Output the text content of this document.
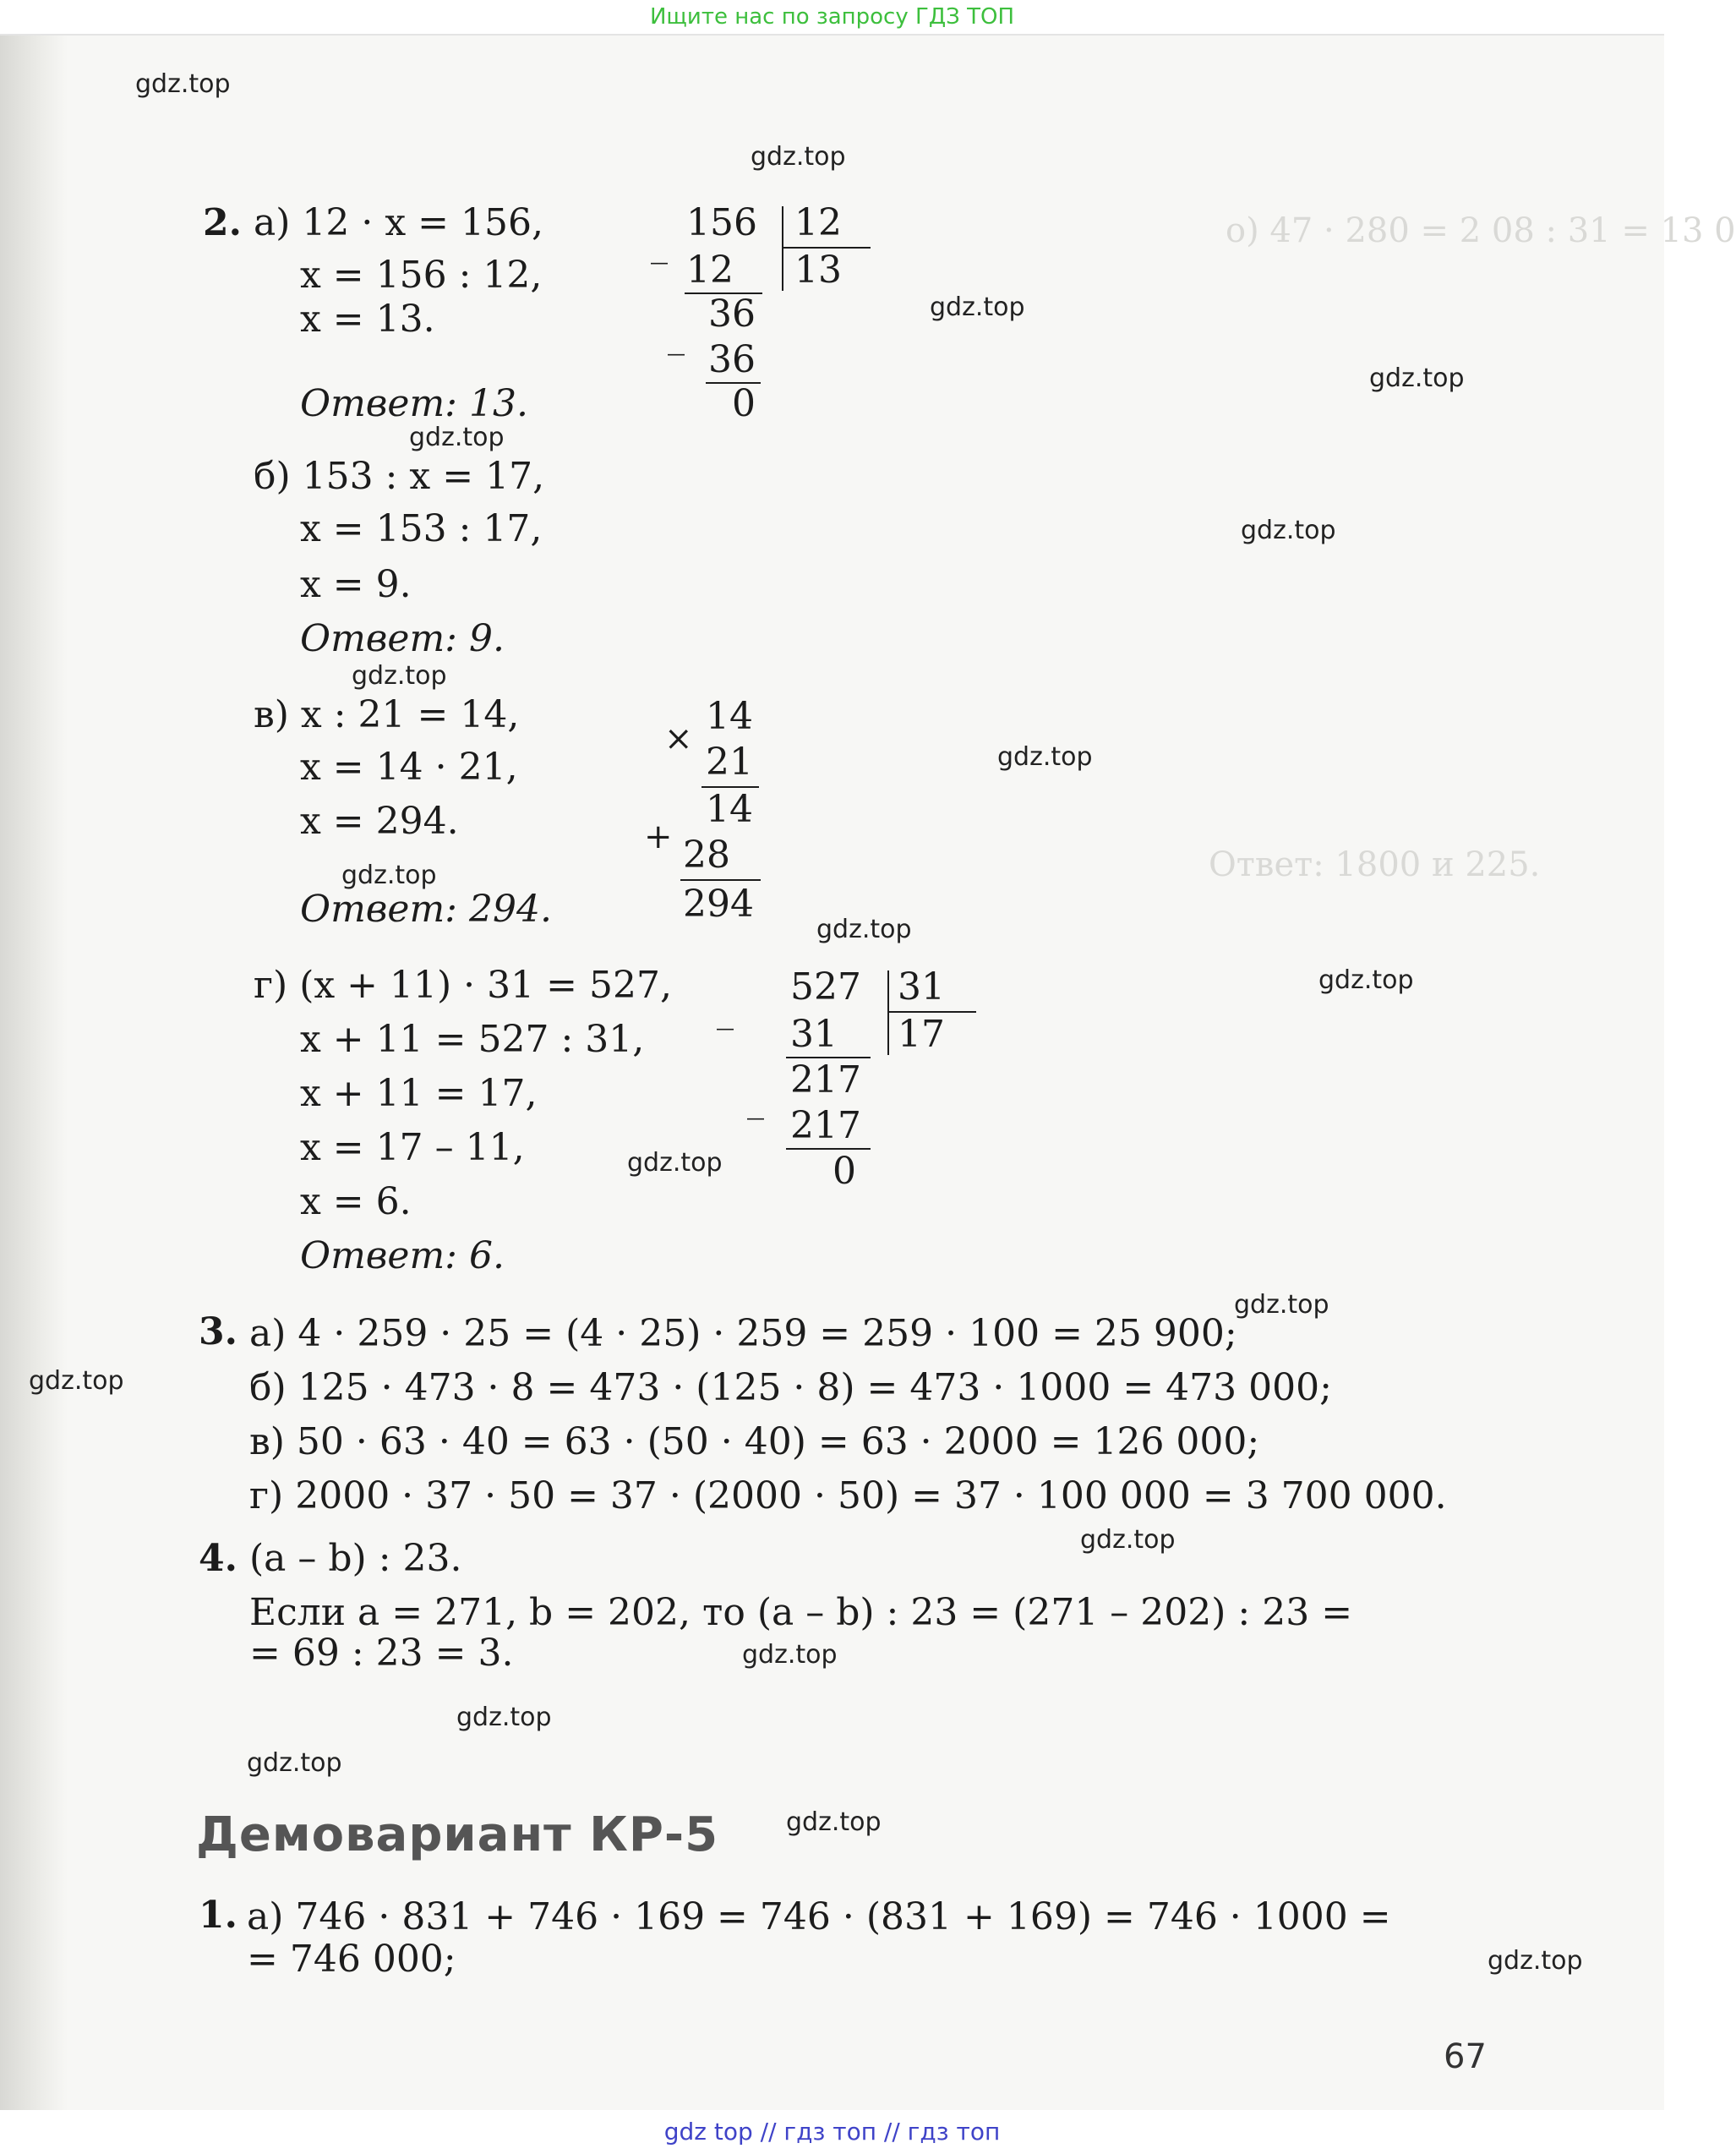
o) 47 · 280 = 2 08 : 31 = 13 0
Ответ: 1800 и 225.
2. а) 12 · x = 156,
x = 156 : 12,
x = 13.
Ответ: 13.
_
156 12
13
12
36
_
36
0
б) 153 : x = 17,
x = 153 : 17,
x = 9.
Ответ: 9.
в) x : 21 = 14,
x = 14 · 21,
x = 294.
Ответ: 294.
×
14
21
14
+ 28
294
г) (x + 11) · 31 = 527,
x + 11 = 527 : 31,
x + 11 = 17,
x = 17 – 11,
x = 6.
Ответ: 6.
_
527 31
17
31
217
_
217
0
3. а) 4 · 259 · 25 = (4 · 25) · 259 = 259 · 100 = 25 900;
б) 125 · 473 · 8 = 473 · (125 · 8) = 473 · 1000 = 473 000;
в) 50 · 63 · 40 = 63 · (50 · 40) = 63 · 2000 = 126 000;
г) 2000 · 37 · 50 = 37 · (2000 · 50) = 37 · 100 000 = 3 700 000.
4. (a – b) : 23.
Если a = 271, b = 202, то (a – b) : 23 = (271 – 202) : 23 =
= 69 : 23 = 3.
Демовариант КР-5
1. а) 746 · 831 + 746 · 169 = 746 · (831 + 169) = 746 · 1000 =
= 746 000;
67
gdz.top
gdz.top
gdz.top
gdz.top
gdz.top
gdz.top
gdz.top
gdz.top
gdz.top
gdz.top
gdz.top
gdz.top
gdz.top
gdz.top
gdz.top
gdz.top
gdz.top
gdz.top
gdz.top
gdz.top
Ищите нас по запросу ГДЗ ТОП
gdz top // гдз топ // гдз топ
